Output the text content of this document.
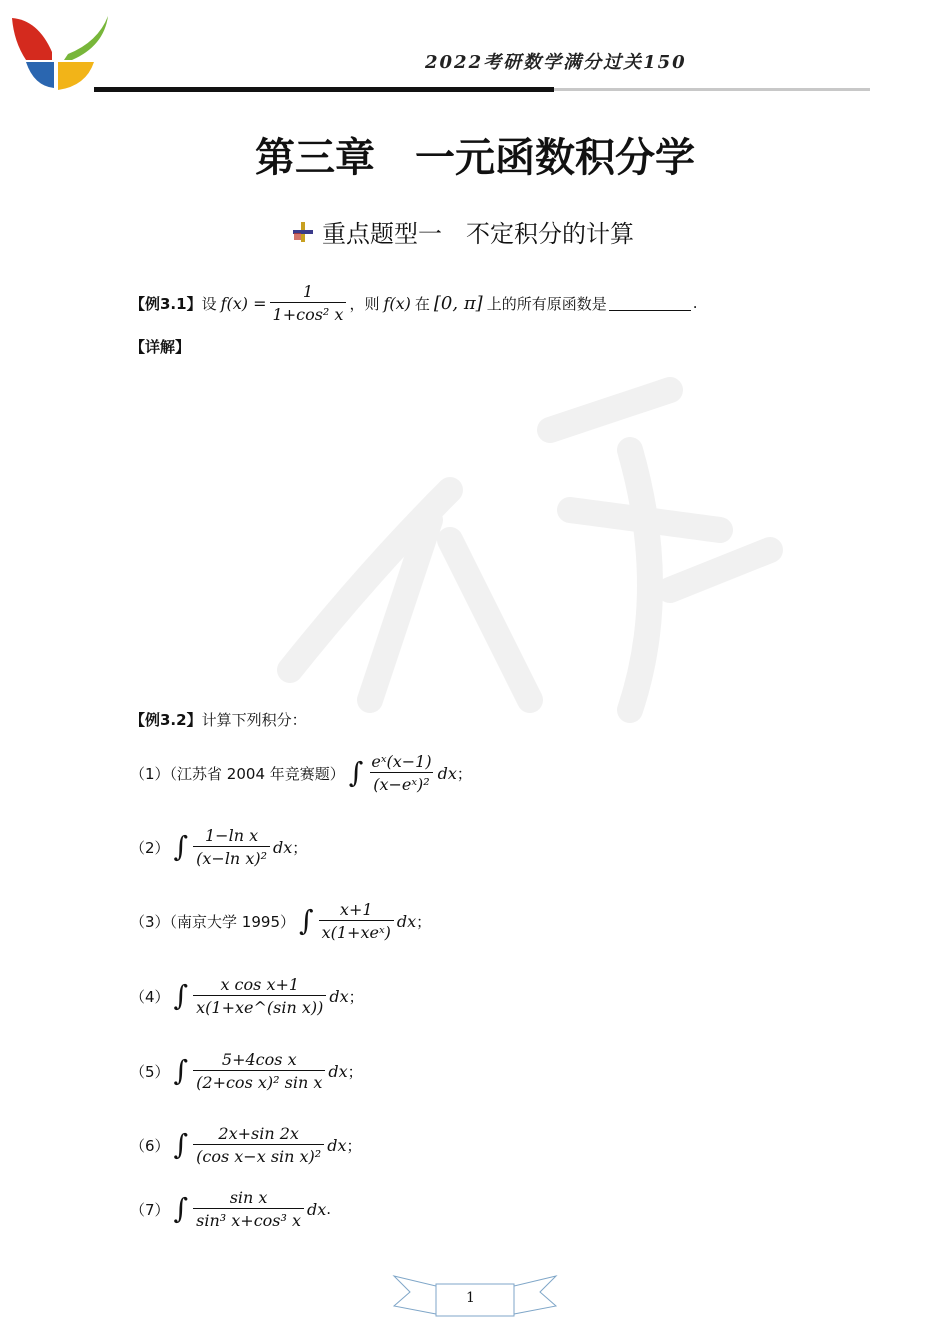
2022考研数学满分过关150
第三章　一元函数积分学
重点题型一　不定积分的计算
【例3.1】 设 $f(x) = \frac{1}{\text{1+cos² x}}$ ，则 f(x) 在 [0, π] 上的所有原函数是	.
【详解】
【例3.2】 计算下列积分：
（1）（江苏省 2004 年竞赛题） ∫ $\frac{\text{eˣ(x−1)}}{\text{(x−eˣ)²}}$ dx ；
（2） ∫ $\frac{\text{1−ln x}}{\text{(x−ln x)²}}$ dx ；
（3）（南京大学 1995） ∫ $\frac{x+1}{\text{x(1+xeˣ)}}$ dx ；
（4） ∫ $\frac{\text{x cos x+1}}{\text{x(1+xe\textasciicircum{}(sin x))}}$ dx ；
（5） ∫ $\frac{\text{5+4cos x}}{\text{(2+cos x)² sin x}}$ dx ；
（6） ∫ $\frac{2x+\sin 2x}{\text{(cos x−x sin x)²}}$ dx ；
（7） ∫ $\frac{\text{sin x}}{\text{sin³ x+cos³ x}}$ dx .
1
